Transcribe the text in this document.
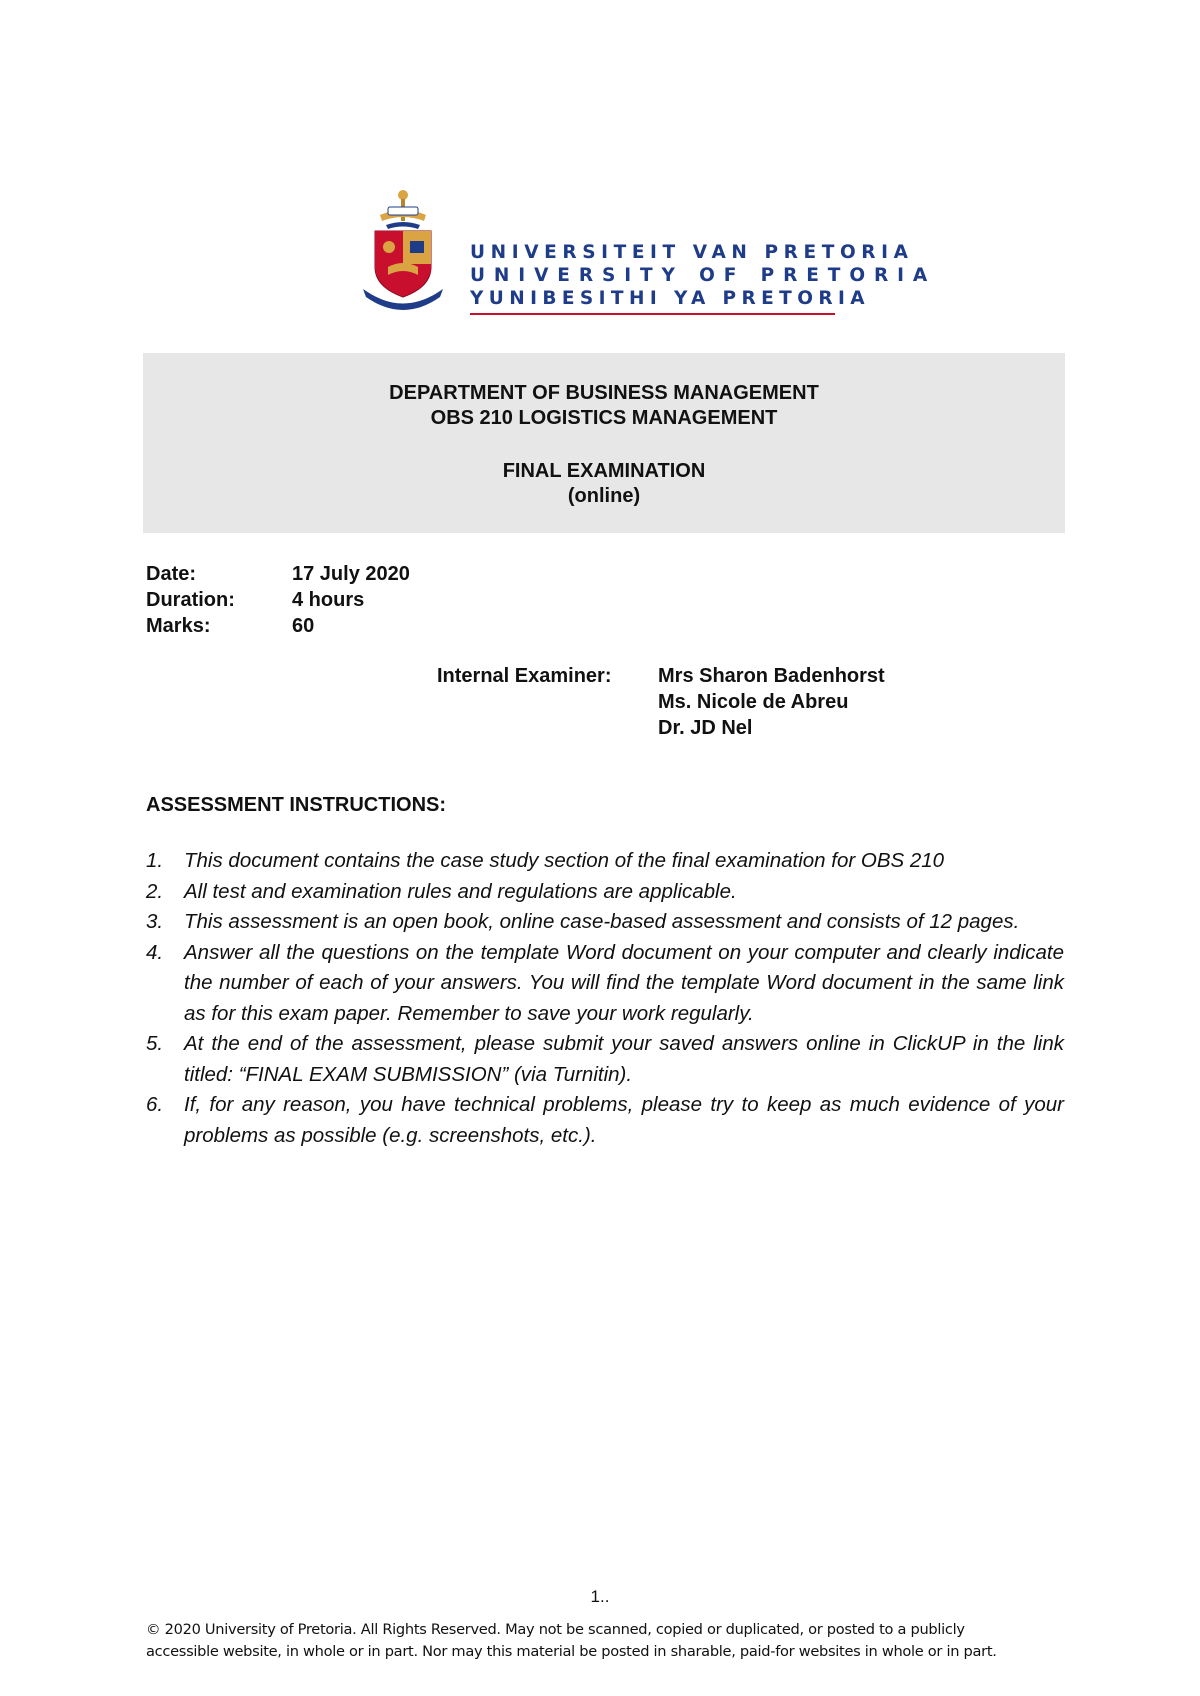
UNIVERSITEIT VAN PRETORIA
UNIVERSITY OF PRETORIA
YUNIBESITHI YA PRETORIA
DEPARTMENT OF BUSINESS MANAGEMENT
OBS 210 LOGISTICS MANAGEMENT
FINAL EXAMINATION
(online)
Date:	17 July 2020
Duration:	4 hours
Marks:	60
Internal Examiner:	Mrs Sharon Badenhorst
Ms. Nicole de Abreu
Dr. JD Nel
ASSESSMENT INSTRUCTIONS:
1.	This document contains the case study section of the final examination for OBS 210
2.	All test and examination rules and regulations are applicable.
3.	This assessment is an open book, online case-based assessment and consists of 12 pages.
4.	Answer all the questions on the template Word document on your computer and clearly indicate the number of each of your answers. You will find the template Word document in the same link as for this exam paper. Remember to save your work regularly.
5.	At the end of the assessment, please submit your saved answers online in ClickUP in the link titled: “FINAL EXAM SUBMISSION” (via Turnitin).
6.	If, for any reason, you have technical problems, please try to keep as much evidence of your problems as possible (e.g. screenshots, etc.).
1..
© 2020 University of Pretoria. All Rights Reserved. May not be scanned, copied or duplicated, or posted to a publicly
accessible website, in whole or in part. Nor may this material be posted in sharable, paid-for websites in whole or in part.
